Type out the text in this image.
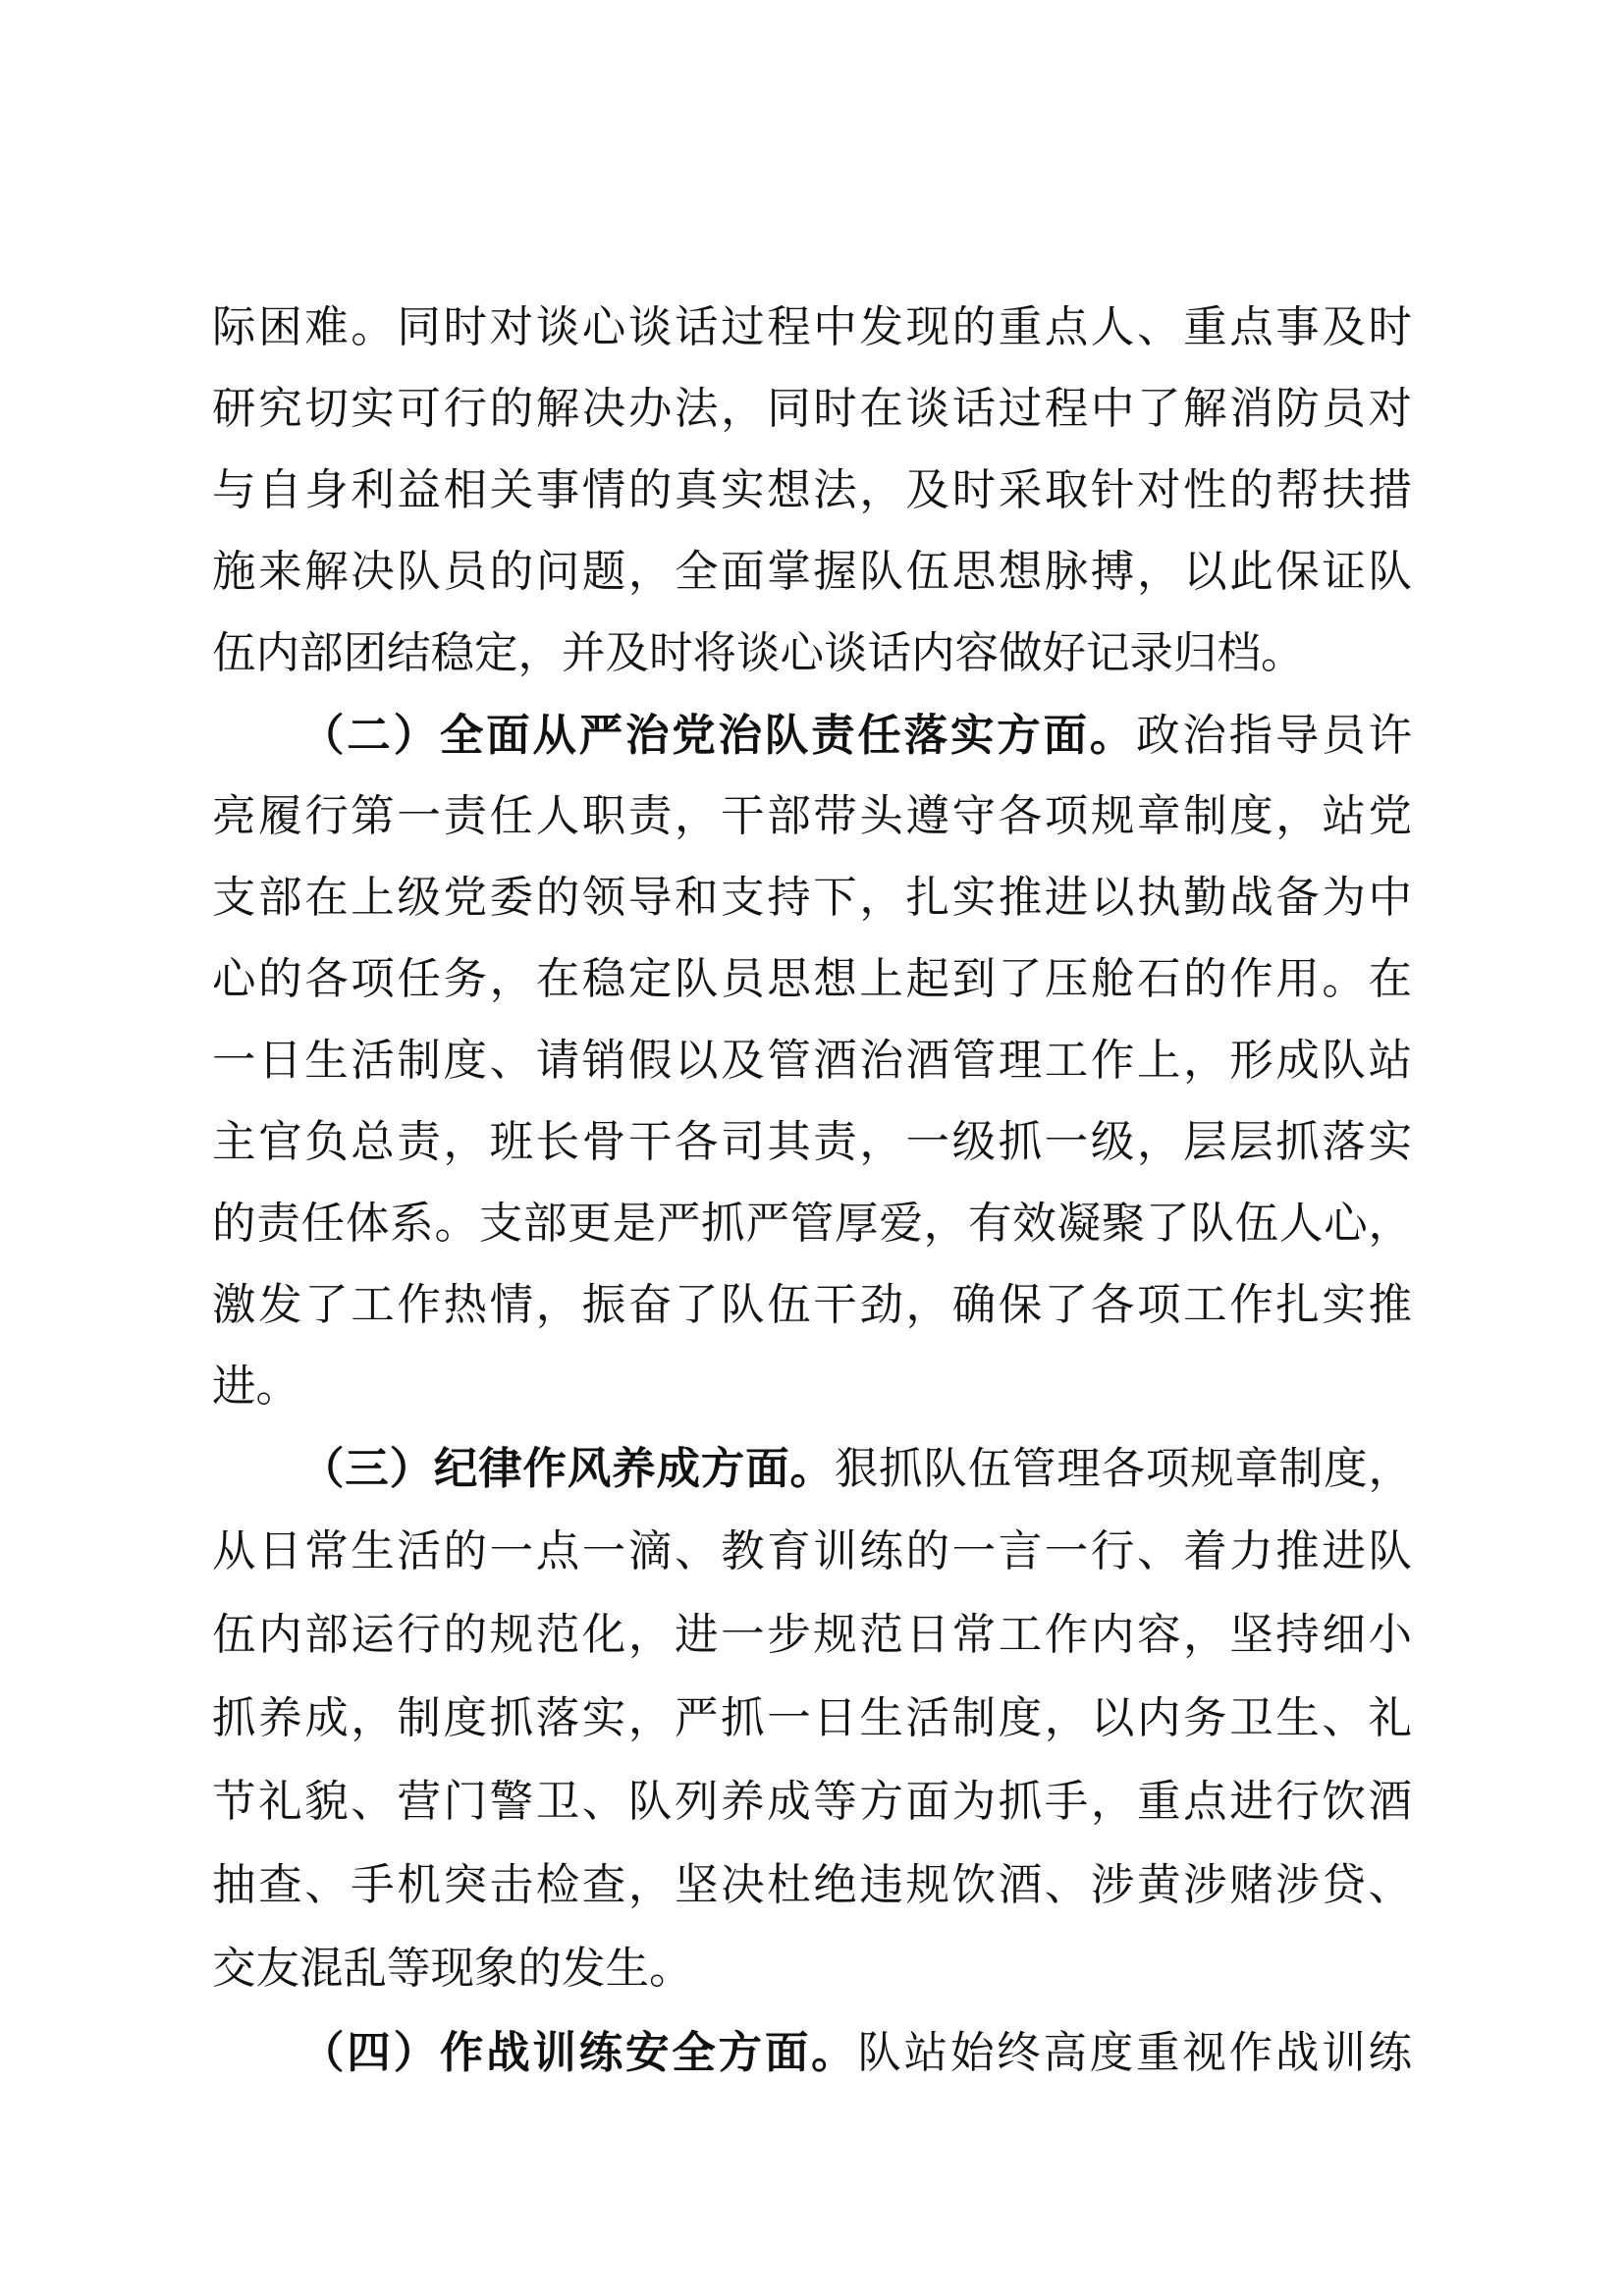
际困难。同时对谈心谈话过程中发现的重点人、重点事及时
研究切实可行的解决办法，同时在谈话过程中了解消防员对
与自身利益相关事情的真实想法，及时采取针对性的帮扶措
施来解决队员的问题，全面掌握队伍思想脉搏，以此保证队
伍内部团结稳定，并及时将谈心谈话内容做好记录归档。
（二）全面从严治党治队责任落实方面。政治指导员许
亮履行第一责任人职责，干部带头遵守各项规章制度，站党
支部在上级党委的领导和支持下，扎实推进以执勤战备为中
心的各项任务，在稳定队员思想上起到了压舱石的作用。在
一日生活制度、请销假以及管酒治酒管理工作上，形成队站
主官负总责，班长骨干各司其责，一级抓一级，层层抓落实
的责任体系。支部更是严抓严管厚爱，有效凝聚了队伍人心，
激发了工作热情，振奋了队伍干劲，确保了各项工作扎实推
进。
（三）纪律作风养成方面。狠抓队伍管理各项规章制度，
从日常生活的一点一滴、教育训练的一言一行、着力推进队
伍内部运行的规范化，进一步规范日常工作内容，坚持细小
抓养成，制度抓落实，严抓一日生活制度，以内务卫生、礼
节礼貌、营门警卫、队列养成等方面为抓手，重点进行饮酒
抽查、手机突击检查，坚决杜绝违规饮酒、涉黄涉赌涉贷、
交友混乱等现象的发生。
（四）作战训练安全方面。队站始终高度重视作战训练
